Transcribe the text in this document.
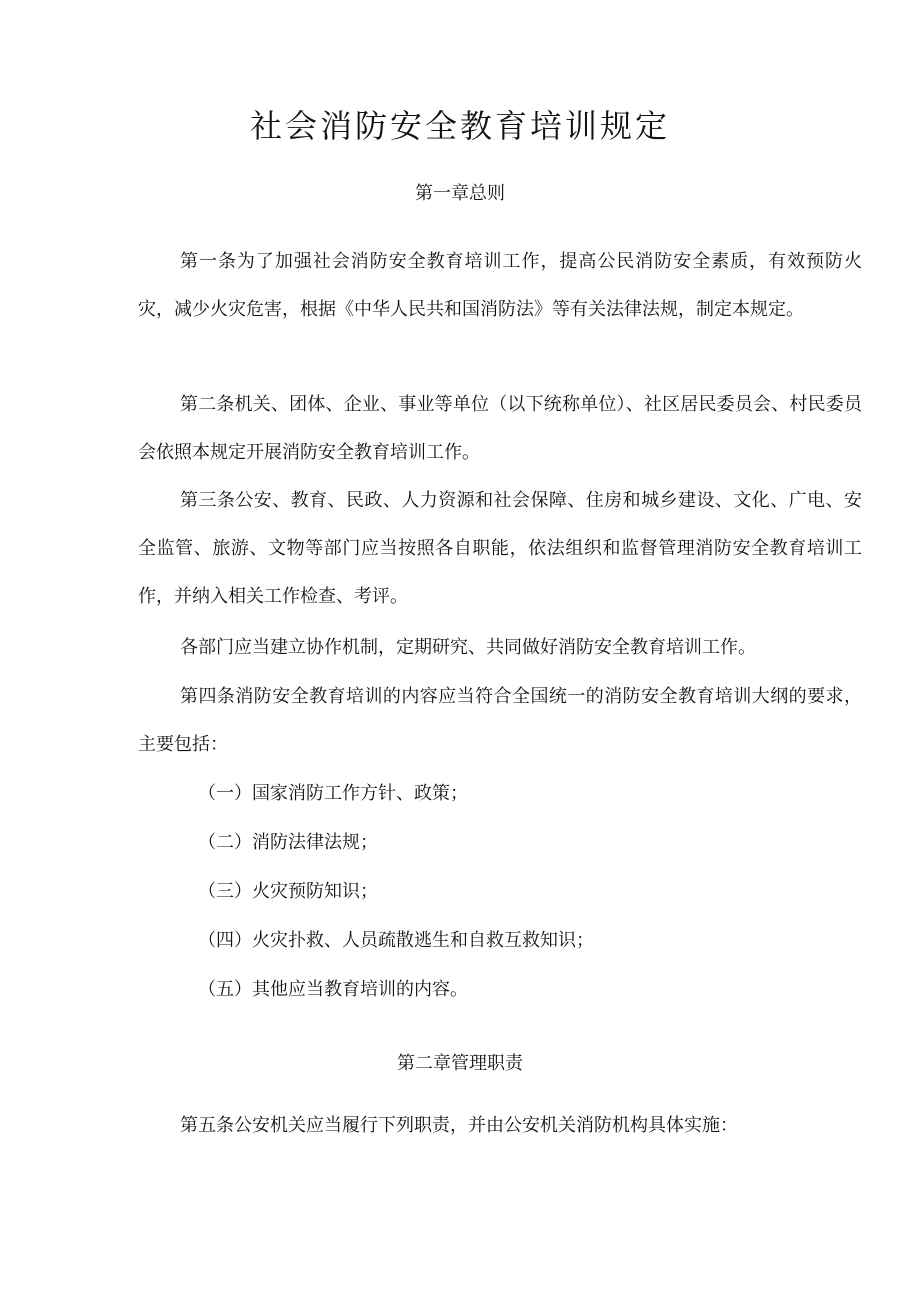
社会消防安全教育培训规定
第一章总则

第一条为了加强社会消防安全教育培训工作，提高公民消防安全素质，有效预防火灾，减少火灾危害，根据《中华人民共和国消防法》等有关法律法规，制定本规定。

第二条机关、团体、企业、事业等单位（以下统称单位）、社区居民委员会、村民委员会依照本规定开展消防安全教育培训工作。

第三条公安、教育、民政、人力资源和社会保障、住房和城乡建设、文化、广电、安全监管、旅游、文物等部门应当按照各自职能，依法组织和监督管理消防安全教育培训工作，并纳入相关工作检查、考评。

各部门应当建立协作机制，定期研究、共同做好消防安全教育培训工作。

第四条消防安全教育培训的内容应当符合全国统一的消防安全教育培训大纲的要求，主要包括：

（一）国家消防工作方针、政策；

（二）消防法律法规；

（三）火灾预防知识；

（四）火灾扑救、人员疏散逃生和自救互救知识；

（五）其他应当教育培训的内容。

第二章管理职责

第五条公安机关应当履行下列职责，并由公安机关消防机构具体实施：
